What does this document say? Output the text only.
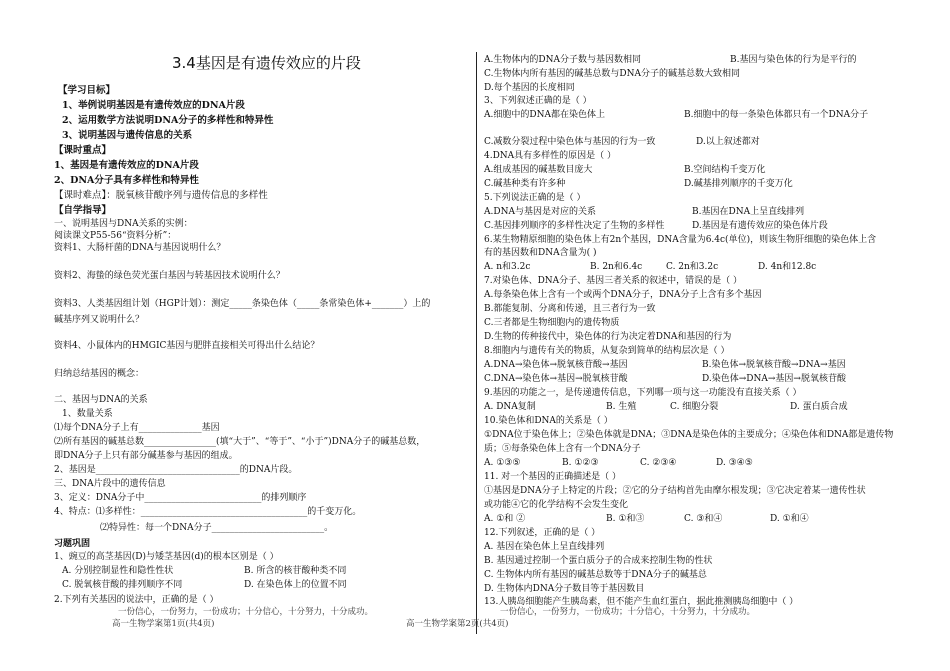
3.4基因是有遗传效应的片段
【学习目标】
1、举例说明基因是有遗传效应的DNA片段
2、运用数学方法说明DNA分子的多样性和特异性
3、说明基因与遗传信息的关系
【课时重点】
1、基因是有遗传效应的DNA片段
2、DNA分子具有多样性和特异性
【课时难点】：脱氧核苷酸序列与遗传信息的多样性
【自学指导】
一、说明基因与DNA关系的实例：
阅读课文P55-56“资料分析”：
资料1、大肠杆菌的DNA与基因说明什么？
资料2、海蛰的绿色荧光蛋白基因与转基因技术说明什么？
资料3、人类基因组计划（HGP计划）：测定_____条染色体（_____条常染色体+_______）上的
碱基序列又说明什么？
资料4、小鼠体内的HMGIC基因与肥胖直接相关可得出什么结论？
归纳总结基因的概念：
二、基因与DNA的关系
1、数量关系
⑴每个DNA分子上有______________基因
⑵所有基因的碱基总数________________(填“大于”、“等于”、“小于”)DNA分子的碱基总数，
即DNA分子上只有部分碱基参与基因的组成。
2、基因是________________________________的DNA片段。
三、DNA片段中的遗传信息
3、定义：DNA分子中__________________________的排列顺序
4、特点：⑴多样性：_____________________________________的千变万化。
⑵特异性：每一个DNA分子_________________________。
习题巩固
1、豌豆的高茎基因(D)与矮茎基因(d)的根本区别是（ ）
A. 分别控制显性和隐性性状	B. 所含的核苷酸种类不同
C. 脱氧核苷酸的排列顺序不同	D. 在染色体上的位置不同
2.下列有关基因的说法中，正确的是（ ）
一份信心，一份努力，一份成功；十分信心，十分努力，十分成功。
高一生物学案第1页(共4页)
A.生物体内的DNA分子数与基因数相同	B.基因与染色体的行为是平行的
C.生物体内所有基因的碱基总数与DNA分子的碱基总数大致相同
D.每个基因的长度相同
3、下列叙述正确的是（ ）
A.细胞中的DNA都在染色体上	B.细胞中的每一条染色体都只有一个DNA分子
C.减数分裂过程中染色体与基因的行为一致	D.以上叙述都对
4.DNA具有多样性的原因是（ ）
A.组成基因的碱基数目庞大	B.空间结构千变万化
C.碱基种类有许多种	D.碱基排列顺序的千变万化
5.下列说法正确的是（ ）
A.DNA与基因是对应的关系	B.基因在DNA上呈直线排列
C.基因排列顺序的多样性决定了生物的多样性	D.基因是有遗传效应的染色体片段
6.某生物精原细胞的染色体上有2n个基因，DNA含量为6.4c(单位)，则该生物肝细胞的染色体上含
有的基因数和DNA含量为( )
A. n和3.2c	B. 2n和6.4c	C. 2n和3.2c	D. 4n和12.8c
7.对染色体、DNA分子、基因三者关系的叙述中，错误的是（ ）
A.每条染色体上含有一个或两个DNA分子，DNA分子上含有多个基因
B.都能复制、分离和传递，且三者行为一致
C.三者都是生物细胞内的遗传物质
D.生物的传种接代中，染色体的行为决定着DNA和基因的行为
8.细胞内与遗传有关的物质，从复杂到简单的结构层次是（ ）
A.DNA→染色体→脱氧核苷酸→基因	B.染色体→脱氧核苷酸→DNA→基因
C.DNA→染色体→基因→脱氧核苷酸	D.染色体→DNA→基因→脱氧核苷酸
9.基因的功能之一，是传递遗传信息，下列哪一项与这一功能没有直接关系（ ）
A. DNA复制	B. 生殖	C. 细胞分裂	D. 蛋白质合成
10.染色体和DNA的关系是（ ）
①DNA位于染色体上；②染色体就是DNA；③DNA是染色体的主要成分；④染色体和DNA都是遗传物
质；⑤每条染色体上含有一个DNA分子
A. ①③⑤	B. ①②③	C. ②③④	D. ③④⑤
11. 对一个基因的正确描述是（ ）
①基因是DNA分子上特定的片段；②它的分子结构首先由摩尔根发现；③它决定着某一遗传性状
或功能④它的化学结构不会发生变化
A. ①和 ②	B. ①和③	C. ③和④	D. ①和④
12.下列叙述，正确的是（ ）
A. 基因在染色体上呈直线排列
B. 基因通过控制一个蛋白质分子的合成来控制生物的性状
C. 生物体内所有基因的碱基总数等于DNA分子的碱基总
D. 生物体内DNA分子数目等于基因数目
13.人胰岛细胞能产生胰岛素，但不能产生血红蛋白，据此推测胰岛细胞中（ ）
一份信心，一份努力，一份成功；十分信心，十分努力，十分成功。
高一生物学案第2页(共4页)
